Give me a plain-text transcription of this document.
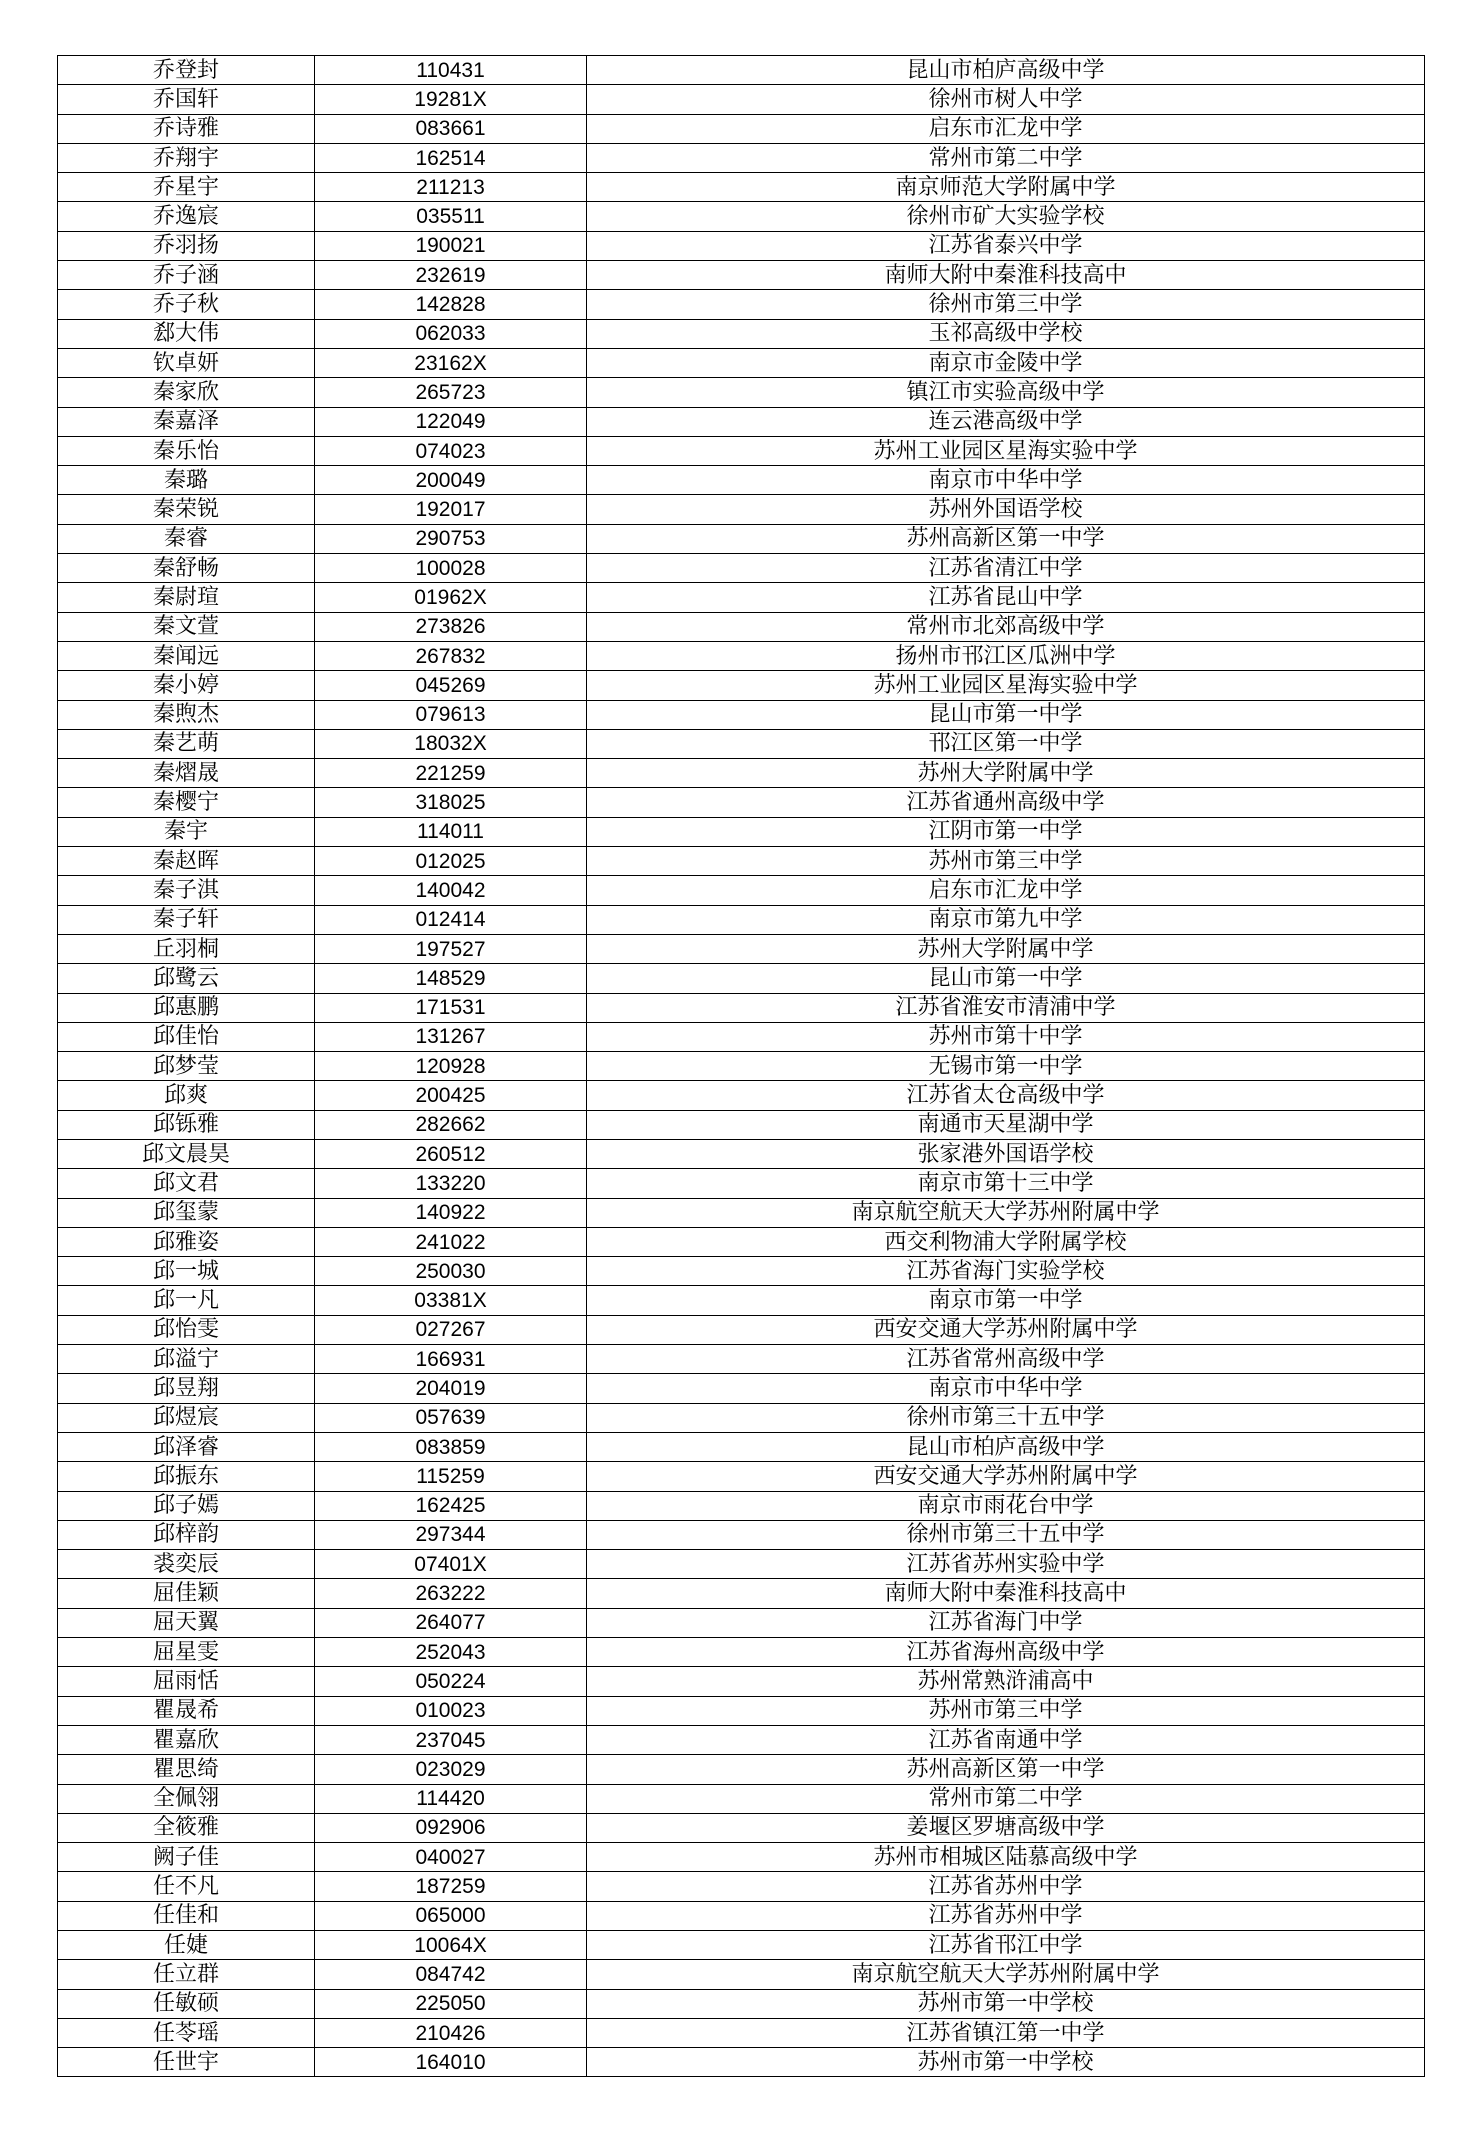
乔登封	110431	昆山市柏庐高级中学
乔国轩	19281X	徐州市树人中学
乔诗雅	083661	启东市汇龙中学
乔翔宇	162514	常州市第二中学
乔星宇	211213	南京师范大学附属中学
乔逸宸	035511	徐州市矿大实验学校
乔羽扬	190021	江苏省泰兴中学
乔子涵	232619	南师大附中秦淮科技高中
乔子秋	142828	徐州市第三中学
郄大伟	062033	玉祁高级中学校
钦卓妍	23162X	南京市金陵中学
秦家欣	265723	镇江市实验高级中学
秦嘉泽	122049	连云港高级中学
秦乐怡	074023	苏州工业园区星海实验中学
秦璐	200049	南京市中华中学
秦荣锐	192017	苏州外国语学校
秦睿	290753	苏州高新区第一中学
秦舒畅	100028	江苏省清江中学
秦尉瑄	01962X	江苏省昆山中学
秦文萱	273826	常州市北郊高级中学
秦闻远	267832	扬州市邗江区瓜洲中学
秦小婷	045269	苏州工业园区星海实验中学
秦煦杰	079613	昆山市第一中学
秦艺萌	18032X	邗江区第一中学
秦熠晟	221259	苏州大学附属中学
秦樱宁	318025	江苏省通州高级中学
秦宇	114011	江阴市第一中学
秦赵晖	012025	苏州市第三中学
秦子淇	140042	启东市汇龙中学
秦子轩	012414	南京市第九中学
丘羽桐	197527	苏州大学附属中学
邱鹭云	148529	昆山市第一中学
邱惠鹏	171531	江苏省淮安市清浦中学
邱佳怡	131267	苏州市第十中学
邱梦莹	120928	无锡市第一中学
邱爽	200425	江苏省太仓高级中学
邱铄雅	282662	南通市天星湖中学
邱文晨昊	260512	张家港外国语学校
邱文君	133220	南京市第十三中学
邱玺蒙	140922	南京航空航天大学苏州附属中学
邱雅姿	241022	西交利物浦大学附属学校
邱一城	250030	江苏省海门实验学校
邱一凡	03381X	南京市第一中学
邱怡雯	027267	西安交通大学苏州附属中学
邱溢宁	166931	江苏省常州高级中学
邱昱翔	204019	南京市中华中学
邱煜宸	057639	徐州市第三十五中学
邱泽睿	083859	昆山市柏庐高级中学
邱振东	115259	西安交通大学苏州附属中学
邱子嫣	162425	南京市雨花台中学
邱梓韵	297344	徐州市第三十五中学
裘奕辰	07401X	江苏省苏州实验中学
屈佳颖	263222	南师大附中秦淮科技高中
屈天翼	264077	江苏省海门中学
屈星雯	252043	江苏省海州高级中学
屈雨恬	050224	苏州常熟浒浦高中
瞿晟希	010023	苏州市第三中学
瞿嘉欣	237045	江苏省南通中学
瞿思绮	023029	苏州高新区第一中学
全佩翎	114420	常州市第二中学
全筱雅	092906	姜堰区罗塘高级中学
阙子佳	040027	苏州市相城区陆慕高级中学
任不凡	187259	江苏省苏州中学
任佳和	065000	江苏省苏州中学
任婕	10064X	江苏省邗江中学
任立群	084742	南京航空航天大学苏州附属中学
任敏硕	225050	苏州市第一中学校
任苓瑶	210426	江苏省镇江第一中学
任世宇	164010	苏州市第一中学校
